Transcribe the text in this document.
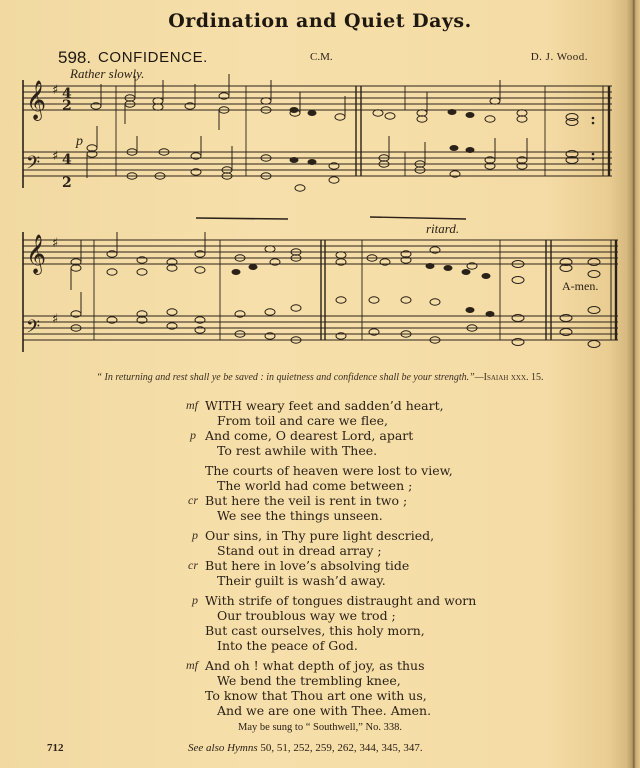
Ordination and Quiet Days.
598. CONFIDENCE.	C.M.	D. J. Wood.
Rather slowly.
𝄞 ♯ 4
2
𝄢 ♯ 4
2
p
𝄞 ♯
𝄢 ♯
ritard.
A-men.
“ In returning and rest shall ye be saved : in quietness and confidence shall be your strength.”—Isaiah xxx. 15.
mf WITH weary feet and sadden’d heart,
From toil and care we flee,
p And come, O dearest Lord, apart
To rest awhile with Thee.
The courts of heaven were lost to view,
The world had come between ;
cr But here the veil is rent in two ;
We see the things unseen.
p Our sins, in Thy pure light descried,
Stand out in dread array ;
cr But here in love’s absolving tide
Their guilt is wash’d away.
p With strife of tongues distraught and worn
Our troublous way we trod ;
But cast ourselves, this holy morn,
Into the peace of God.
mf And oh ! what depth of joy, as thus
We bend the trembling knee,
To know that Thou art one with us,
And we are one with Thee. Amen.
May be sung to “ Southwell,” No. 338.
712	See also Hymns 50, 51, 252, 259, 262, 344, 345, 347.
